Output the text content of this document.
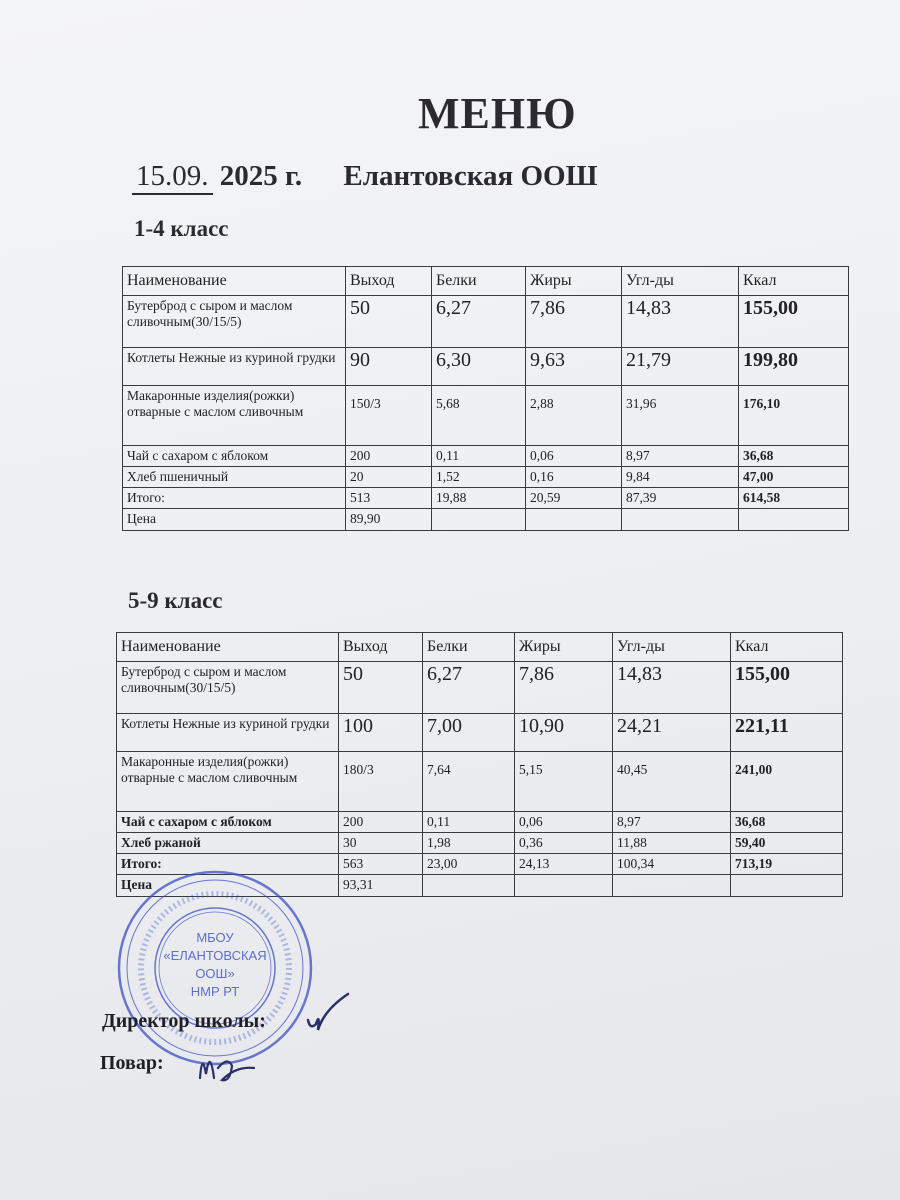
МЕНЮ
15.09. 2025 г. Елантовская ООШ
1-4 класс
Наименование	Выход	Белки	Жиры	Угл-ды	Ккал
Бутерброд с сыром и маслом сливочным(30/15/5)	50	6,27	7,86	14,83	155,00
Котлеты Нежные из куриной грудки	90	6,30	9,63	21,79	199,80
Макаронные изделия(рожки) отварные с маслом сливочным	150/3	5,68	2,88	31,96	176,10
Чай с сахаром с яблоком	200	0,11	0,06	8,97	36,68
Хлеб пшеничный	20	1,52	0,16	9,84	47,00
Итого:	513	19,88	20,59	87,39	614,58
Цена	89,90				
5-9 класс
Наименование	Выход	Белки	Жиры	Угл-ды	Ккал
Бутерброд с сыром и маслом сливочным(30/15/5)	50	6,27	7,86	14,83	155,00
Котлеты Нежные из куриной грудки	100	7,00	10,90	24,21	221,11
Макаронные изделия(рожки) отварные с маслом сливочным	180/3	7,64	5,15	40,45	241,00
Чай с сахаром с яблоком	200	0,11	0,06	8,97	36,68
Хлеб ржаной	30	1,98	0,36	11,88	59,40
Итого:	563	23,00	24,13	100,34	713,19
Цена	93,31				
МБОУ
«ЕЛАНТОВСКАЯ
ООШ»
НМР РТ
Директор школы:
Повар:
